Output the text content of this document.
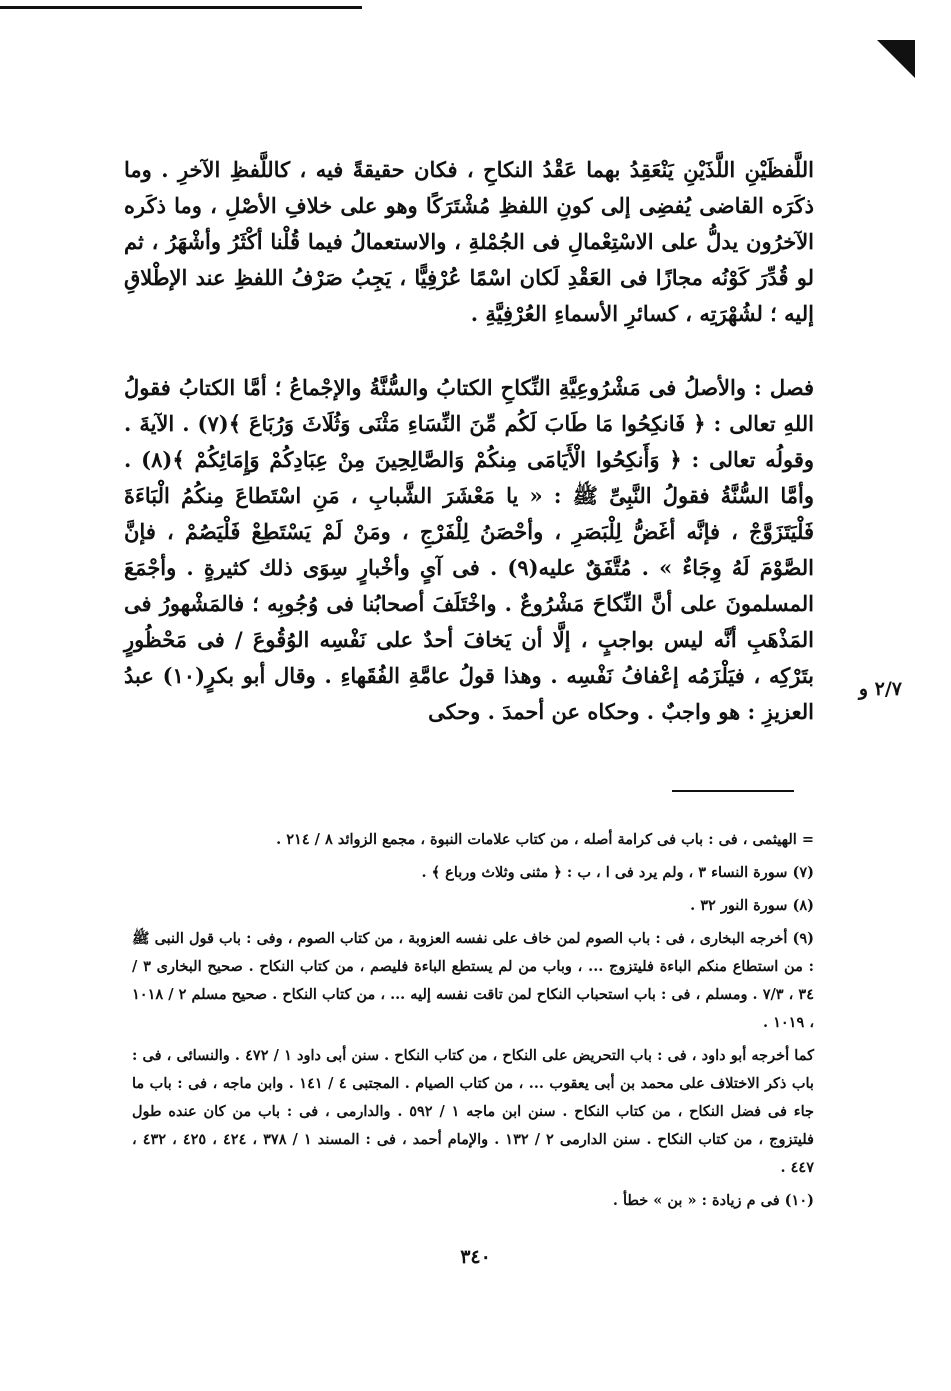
اللَّفظَيْنِ اللَّذَيْنِ يَنْعَقِدُ بهما عَقْدُ النكاحِ ، فكان حقيقةً فيه ، كاللَّفظِ الآخرِ . وما ذكَرَه القاضى يُفضِى إلى كونِ اللفظِ مُشْتَرَكًا وهو على خلافِ الأصْلِ ، وما ذكَره الآخرُون يدلُّ على الاسْتِعْمالِ فى الجُمْلةِ ، والاستعمالُ فيما قُلْنا أكْثَرُ وأشْهَرُ ، ثم لو قُدِّرَ كَوْنُه مجازًا فى العَقْدِ لَكان اسْمًا عُرْفِيًّا ، يَجِبُ صَرْفُ اللفظِ عند الإطْلاقِ إليه ؛ لشُهْرَتِه ، كسائرِ الأسماءِ العُرْفِيَّةِ .

فصل : والأصلُ فى مَشْرُوعِيَّةِ النِّكاحِ الكتابُ والسُّنَّةُ والإجْماعُ ؛ أمَّا الكتابُ فقولُ اللهِ تعالى : ﴿ فَانكِحُوا مَا طَابَ لَكُم مِّنَ النِّسَاءِ مَثْنَى وَثُلَاثَ وَرُبَاعَ ﴾(٧) . الآيةَ . وقولُه تعالى : ﴿ وَأَنكِحُوا الْأَيَامَى مِنكُمْ وَالصَّالِحِينَ مِنْ عِبَادِكُمْ وَإِمَائِكُمْ ﴾(٨) . وأمَّا السُّنَّةُ فقولُ النَّبِىِّ ﷺ : « يا مَعْشَرَ الشَّبابِ ، مَنِ اسْتَطاعَ مِنكُمُ الْبَاءَةَ فَلْيَتَزَوَّجْ ، فإنَّه أغَضُّ لِلْبَصَرِ ، وأحْصَنُ لِلْفَرْجِ ، ومَنْ لَمْ يَسْتَطِعْ فَلْيَصُمْ ، فإنَّ الصَّوْمَ لَهُ وِجَاءٌ » . مُتَّفَقٌ عليه(٩) . فى آىٍ وأخْبارٍ سِوَى ذلك كثيرةٍ . وأجْمَعَ المسلمونَ على أنَّ النِّكاحَ مَشْرُوعٌ . واخْتَلَفَ أصحابُنا فى وُجُوبِه ؛ فالمَشْهورُ فى المَذْهَبِ أنَّه ليس بواجبٍ ، إلَّا أن يَخافَ أحدٌ على نَفْسِه الوُقُوعَ / فى مَحْظُورٍ بتَرْكِه ، فيَلْزَمُه إعْفافُ نَفْسِه . وهذا قولُ عامَّةِ الفُقَهاءِ . وقال أبو بكرٍ(١٠) عبدُ العزيزِ : هو واجبٌ . وحكاه عن أحمدَ . وحكى

٢/٧ و

= الهيثمى ، فى : باب فى كرامة أصله ، من كتاب علامات النبوة ، مجمع الزوائد ٨ / ٢١٤ .

(٧) سورة النساء ٣ ، ولم يرد فى ا ، ب : ﴿ مثنى وثلاث ورباع ﴾ .

(٨) سورة النور ٣٢ .

(٩) أخرجه البخارى ، فى : باب الصوم لمن خاف على نفسه العزوبة ، من كتاب الصوم ، وفى : باب قول النبى ﷺ : من استطاع منكم الباءة فليتزوج ... ، وباب من لم يستطع الباءة فليصم ، من كتاب النكاح . صحيح البخارى ٣ / ٣٤ ، ٧/٣ . ومسلم ، فى : باب استحباب النكاح لمن تاقت نفسه إليه ... ، من كتاب النكاح . صحيح مسلم ٢ / ١٠١٨ ، ١٠١٩ .

كما أخرجه أبو داود ، فى : باب التحريض على النكاح ، من كتاب النكاح . سنن أبى داود ١ / ٤٧٢ . والنسائى ، فى : باب ذكر الاختلاف على محمد بن أبى يعقوب ... ، من كتاب الصيام . المجتبى ٤ / ١٤١ . وابن ماجه ، فى : باب ما جاء فى فضل النكاح ، من كتاب النكاح . سنن ابن ماجه ١ / ٥٩٢ . والدارمى ، فى : باب من كان عنده طول فليتزوج ، من كتاب النكاح . سنن الدارمى ٢ / ١٣٢ . والإمام أحمد ، فى : المسند ١ / ٣٧٨ ، ٤٢٤ ، ٤٢٥ ، ٤٣٢ ، ٤٤٧ .

(١٠) فى م زيادة : « بن » خطأ .

٣٤٠
